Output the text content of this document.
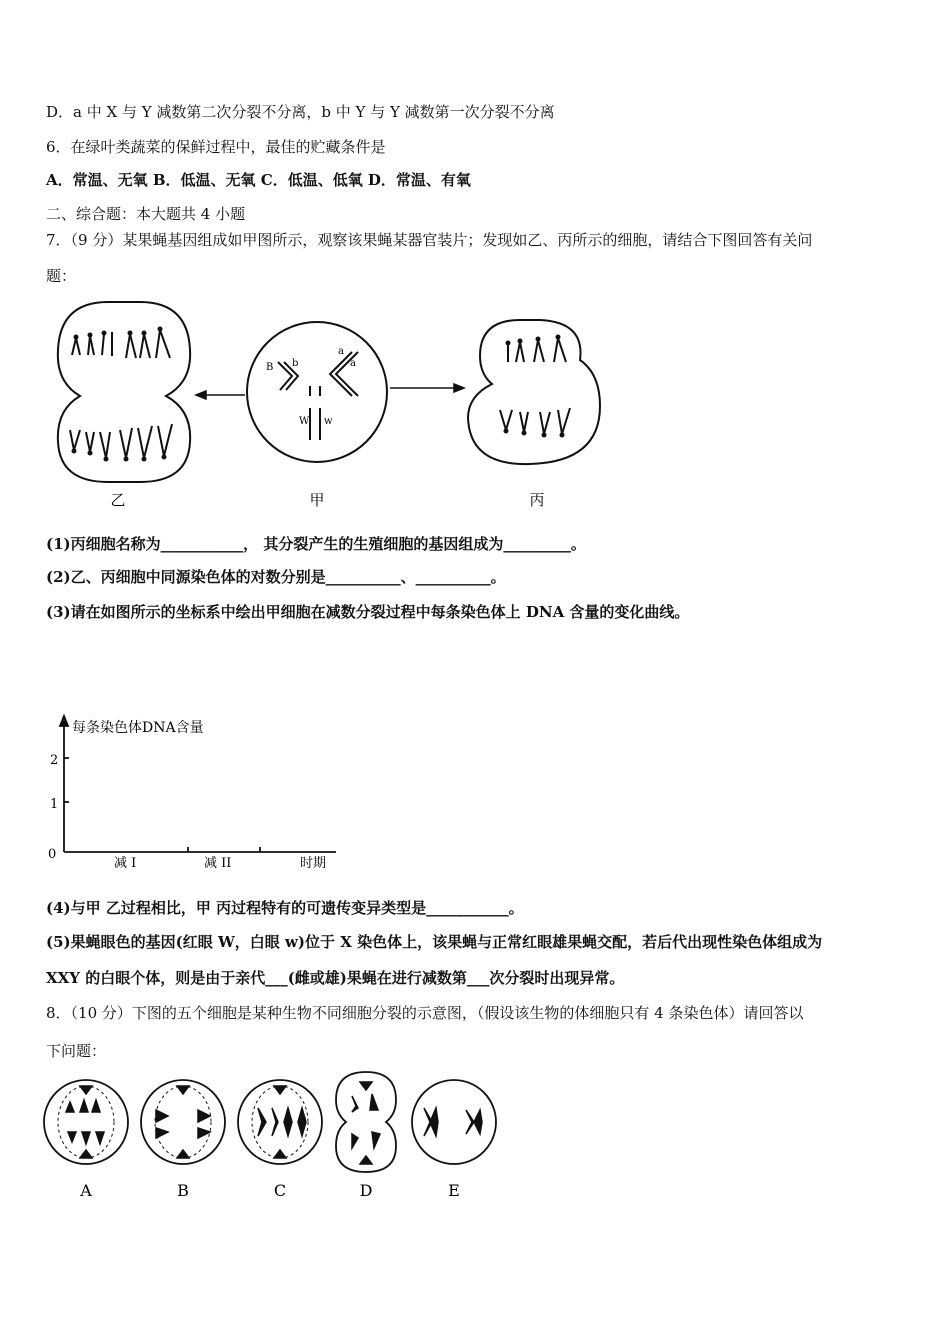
D．a 中 X 与 Y 减数第二次分裂不分离，b 中 Y 与 Y 减数第一次分裂不分离
6．在绿叶类蔬菜的保鲜过程中，最佳的贮藏条件是
A．常温、无氧 B．低温、无氧 C．低温、低氧 D．常温、有氧
二、综合题：本大题共 4 小题
7．（9 分）某果蝇基因组成如甲图所示，观察该果蝇某器官装片；发现如乙、丙所示的细胞，请结合下图回答有关问
题：
B b
a
a
W w
乙	甲	丙
(1)丙细胞名称为___________， 其分裂产生的生殖细胞的基因组成为_________。
(2)乙、丙细胞中同源染色体的对数分别是__________、__________。
(3)请在如图所示的坐标系中绘出甲细胞在减数分裂过程中每条染色体上 DNA 含量的变化曲线。
每条染色体DNA含量
2
1
0
减 I	减 II	时期
(4)与甲 乙过程相比，甲 丙过程特有的可遗传变异类型是___________。
(5)果蝇眼色的基因(红眼 W，白眼 w)位于 X 染色体上，该果蝇与正常红眼雄果蝇交配，若后代出现性染色体组成为
XXY 的白眼个体，则是由于亲代___(雌或雄)果蝇在进行减数第___次分裂时出现异常。
8．（10 分）下图的五个细胞是某种生物不同细胞分裂的示意图，（假设该生物的体细胞只有 4 条染色体）请回答以
下问题：
A	B	C	D	E
